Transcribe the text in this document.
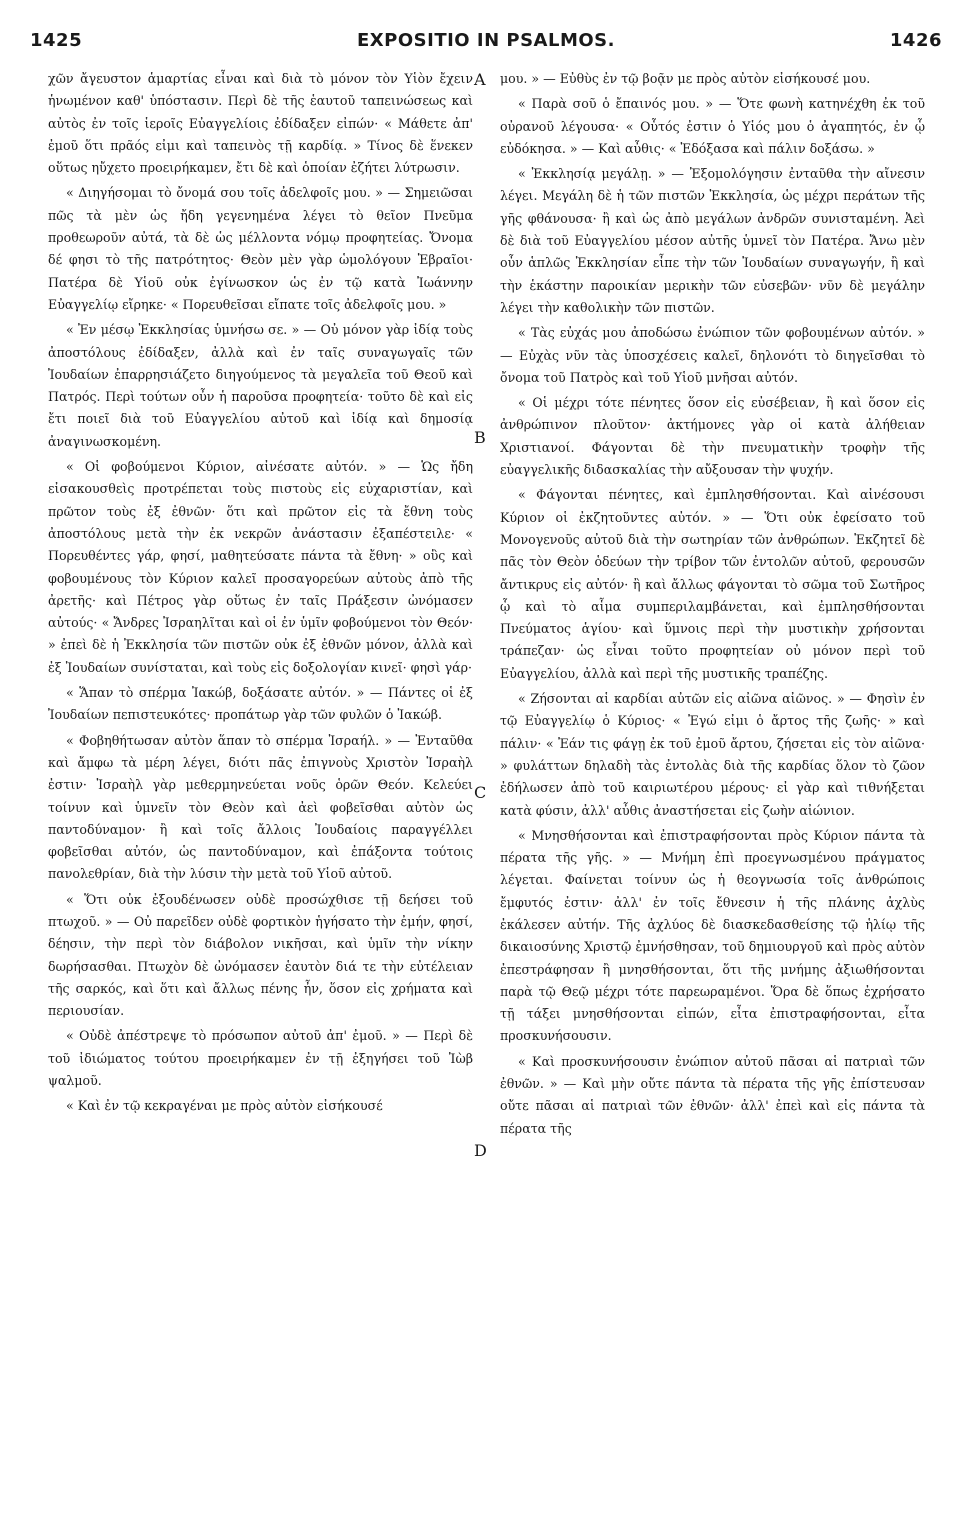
1425	EXPOSITIO IN PSALMOS.	1426
A
B
C
D

χῶν ἄγευστον ἁμαρτίας εἶναι καὶ διὰ τὸ μόνον τὸν Υἱὸν ἔχειν ἡνωμένον καθ' ὑπόστασιν. Περὶ δὲ τῆς ἑαυτοῦ ταπεινώσεως καὶ αὐτὸς ἐν τοῖς ἱεροῖς Εὐαγγελίοις ἐδίδαξεν εἰπών· « Μάθετε ἀπ' ἐμοῦ ὅτι πρᾶός εἰμι καὶ ταπεινὸς τῇ καρδίᾳ. » Τίνος δὲ ἕνεκεν οὕτως ηὔχετο προειρήκαμεν, ἔτι δὲ καὶ ὁποίαν ἐζήτει λύτρωσιν.

« Διηγήσομαι τὸ ὄνομά σου τοῖς ἀδελφοῖς μου. » — Σημειῶσαι πῶς τὰ μὲν ὡς ἤδη γεγενημένα λέγει τὸ θεῖον Πνεῦμα προθεωροῦν αὐτά, τὰ δὲ ὡς μέλλοντα νόμῳ προφητείας. Ὄνομα δέ φησι τὸ τῆς πατρότητος· Θεὸν μὲν γὰρ ὡμολόγουν Ἑβραῖοι· Πατέρα δὲ Υἱοῦ οὐκ ἐγίνωσκον ὡς ἐν τῷ κατὰ Ἰωάννην Εὐαγγελίῳ εἴρηκε· « Πορευθεῖσαι εἴπατε τοῖς ἀδελφοῖς μου. »

« Ἐν μέσῳ Ἐκκλησίας ὑμνήσω σε. » — Οὐ μόνον γὰρ ἰδίᾳ τοὺς ἀποστόλους ἐδίδαξεν, ἀλλὰ καὶ ἐν ταῖς συναγωγαῖς τῶν Ἰουδαίων ἐπαρρησιάζετο διηγούμενος τὰ μεγαλεῖα τοῦ Θεοῦ καὶ Πατρός. Περὶ τούτων οὖν ἡ παροῦσα προφητεία· τοῦτο δὲ καὶ εἰς ἔτι ποιεῖ διὰ τοῦ Εὐαγγελίου αὐτοῦ καὶ ἰδίᾳ καὶ δημοσίᾳ ἀναγινωσκομένη.

« Οἱ φοβούμενοι Κύριον, αἰνέσατε αὐτόν. » — Ὡς ἤδη εἰσακουσθεὶς προτρέπεται τοὺς πιστοὺς εἰς εὐχαριστίαν, καὶ πρῶτον τοὺς ἐξ ἐθνῶν· ὅτι καὶ πρῶτον εἰς τὰ ἔθνη τοὺς ἀποστόλους μετὰ τὴν ἐκ νεκρῶν ἀνάστασιν ἐξαπέστειλε· « Πορευθέντες γάρ, φησί, μαθητεύσατε πάντα τὰ ἔθνη· » οὓς καὶ φοβουμένους τὸν Κύριον καλεῖ προσαγορεύων αὐτοὺς ἀπὸ τῆς ἀρετῆς· καὶ Πέτρος γὰρ οὕτως ἐν ταῖς Πράξεσιν ὠνόμασεν αὐτούς· « Ἄνδρες Ἰσραηλῖται καὶ οἱ ἐν ὑμῖν φοβούμενοι τὸν Θεόν· » ἐπεὶ δὲ ἡ Ἐκκλησία τῶν πιστῶν οὐκ ἐξ ἐθνῶν μόνον, ἀλλὰ καὶ ἐξ Ἰουδαίων συνίσταται, καὶ τοὺς εἰς δοξολογίαν κινεῖ· φησὶ γάρ·

« Ἅπαν τὸ σπέρμα Ἰακώβ, δοξάσατε αὐτόν. » — Πάντες οἱ ἐξ Ἰουδαίων πεπιστευκότες· προπάτωρ γὰρ τῶν φυλῶν ὁ Ἰακώβ.

« Φοβηθήτωσαν αὐτὸν ἅπαν τὸ σπέρμα Ἰσραήλ. » — Ἐνταῦθα καὶ ἄμφω τὰ μέρη λέγει, διότι πᾶς ἐπιγνοὺς Χριστὸν Ἰσραὴλ ἐστιν· Ἰσραὴλ γὰρ μεθερμηνεύεται νοῦς ὁρῶν Θεόν. Κελεύει τοίνυν καὶ ὑμνεῖν τὸν Θεὸν καὶ ἀεὶ φοβεῖσθαι αὐτὸν ὡς παντοδύναμον· ἢ καὶ τοῖς ἄλλοις Ἰουδαίοις παραγγέλλει φοβεῖσθαι αὐτόν, ὡς παντοδύναμον, καὶ ἐπάξοντα τούτοις πανολεθρίαν, διὰ τὴν λύσιν τὴν μετὰ τοῦ Υἱοῦ αὐτοῦ.

« Ὅτι οὐκ ἐξουδένωσεν οὐδὲ προσώχθισε τῇ δεήσει τοῦ πτωχοῦ. » — Οὐ παρεῖδεν οὐδὲ φορτικὸν ἡγήσατο τὴν ἐμήν, φησί, δέησιν, τὴν περὶ τὸν διάβολον νικῆσαι, καὶ ὑμῖν τὴν νίκην δωρήσασθαι. Πτωχὸν δὲ ὠνόμασεν ἑαυτὸν διά τε τὴν εὐτέλειαν τῆς σαρκός, καὶ ὅτι καὶ ἄλλως πένης ἦν, ὅσον εἰς χρήματα καὶ περιουσίαν.

« Οὐδὲ ἀπέστρεψε τὸ πρόσωπον αὐτοῦ ἀπ' ἐμοῦ. » — Περὶ δὲ τοῦ ἰδιώματος τούτου προειρήκαμεν ἐν τῇ ἐξηγήσει τοῦ Ἰὼβ ψαλμοῦ.

« Καὶ ἐν τῷ κεκραγέναι με πρὸς αὐτὸν εἰσήκουσέ

μου. » — Εὐθὺς ἐν τῷ βοᾷν με πρὸς αὐτὸν εἰσήκουσέ μου.

« Παρὰ σοῦ ὁ ἔπαινός μου. » — Ὅτε φωνὴ κατηνέχθη ἐκ τοῦ οὐρανοῦ λέγουσα· « Οὗτός ἐστιν ὁ Υἱός μου ὁ ἀγαπητός, ἐν ᾧ εὐδόκησα. » — Καὶ αὖθις· « Ἐδόξασα καὶ πάλιν δοξάσω. »

« Ἐκκλησίᾳ μεγάλῃ. » — Ἐξομολόγησιν ἐνταῦθα τὴν αἴνεσιν λέγει. Μεγάλη δὲ ἡ τῶν πιστῶν Ἐκκλησία, ὡς μέχρι περάτων τῆς γῆς φθάνουσα· ἢ καὶ ὡς ἀπὸ μεγάλων ἀνδρῶν συνισταμένη. Ἀεὶ δὲ διὰ τοῦ Εὐαγγελίου μέσον αὐτῆς ὑμνεῖ τὸν Πατέρα. Ἄνω μὲν οὖν ἁπλῶς Ἐκκλησίαν εἶπε τὴν τῶν Ἰουδαίων συναγωγήν, ἢ καὶ τὴν ἑκάστην παροικίαν μερικὴν τῶν εὐσεβῶν· νῦν δὲ μεγάλην λέγει τὴν καθολικὴν τῶν πιστῶν.

« Τὰς εὐχάς μου ἀποδώσω ἐνώπιον τῶν φοβουμένων αὐτόν. » — Εὐχὰς νῦν τὰς ὑποσχέσεις καλεῖ, δηλονότι τὸ διηγεῖσθαι τὸ ὄνομα τοῦ Πατρὸς καὶ τοῦ Υἱοῦ μνῆσαι αὐτόν.

« Οἱ μέχρι τότε πένητες ὅσον εἰς εὐσέβειαν, ἢ καὶ ὅσον εἰς ἀνθρώπινον πλοῦτον· ἀκτήμονες γὰρ οἱ κατὰ ἀλήθειαν Χριστιανοί. Φάγονται δὲ τὴν πνευματικὴν τροφὴν τῆς εὐαγγελικῆς διδασκαλίας τὴν αὔξουσαν τὴν ψυχήν.

« Φάγονται πένητες, καὶ ἐμπλησθήσονται. Καὶ αἰνέσουσι Κύριον οἱ ἐκζητοῦντες αὐτόν. » — Ὅτι οὐκ ἐφείσατο τοῦ Μονογενοῦς αὐτοῦ διὰ τὴν σωτηρίαν τῶν ἀνθρώπων. Ἐκζητεῖ δὲ πᾶς τὸν Θεὸν ὁδεύων τὴν τρίβον τῶν ἐντολῶν αὐτοῦ, φερουσῶν ἄντικρυς εἰς αὐτόν· ἢ καὶ ἄλλως φάγονται τὸ σῶμα τοῦ Σωτῆρος ᾧ καὶ τὸ αἷμα συμπεριλαμβάνεται, καὶ ἐμπλησθήσονται Πνεύματος ἁγίου· καὶ ὕμνοις περὶ τὴν μυστικὴν χρήσονται τράπεζαν· ὡς εἶναι τοῦτο προφητείαν οὐ μόνον περὶ τοῦ Εὐαγγελίου, ἀλλὰ καὶ περὶ τῆς μυστικῆς τραπέζης.

« Ζήσονται αἱ καρδίαι αὐτῶν εἰς αἰῶνα αἰῶνος. » — Φησὶν ἐν τῷ Εὐαγγελίῳ ὁ Κύριος· « Ἐγώ εἰμι ὁ ἄρτος τῆς ζωῆς· » καὶ πάλιν· « Ἐάν τις φάγῃ ἐκ τοῦ ἐμοῦ ἄρτου, ζήσεται εἰς τὸν αἰῶνα· » φυλάττων δηλαδὴ τὰς ἐντολὰς διὰ τῆς καρδίας ὅλον τὸ ζῶον ἐδήλωσεν ἀπὸ τοῦ καιριωτέρου μέρους· εἰ γὰρ καὶ τιθνήξεται κατὰ φύσιν, ἀλλ' αὖθις ἀναστήσεται εἰς ζωὴν αἰώνιον.

« Μνησθήσονται καὶ ἐπιστραφήσονται πρὸς Κύριον πάντα τὰ πέρατα τῆς γῆς. » — Μνήμη ἐπὶ προεγνωσμένου πράγματος λέγεται. Φαίνεται τοίνυν ὡς ἡ θεογνωσία τοῖς ἀνθρώποις ἔμφυτός ἐστιν· ἀλλ' ἐν τοῖς ἔθνεσιν ἡ τῆς πλάνης ἀχλὺς ἐκάλεσεν αὐτήν. Τῆς ἀχλύος δὲ διασκεδασθείσης τῷ ἡλίῳ τῆς δικαιοσύνης Χριστῷ ἐμνήσθησαν, τοῦ δημιουργοῦ καὶ πρὸς αὐτὸν ἐπεστράφησαν ἢ μνησθήσονται, ὅτι τῆς μνήμης ἀξιωθήσονται παρὰ τῷ Θεῷ μέχρι τότε παρεωραμένοι. Ὅρα δὲ ὅπως ἐχρήσατο τῇ τάξει μνησθήσονται εἰπών, εἶτα ἐπιστραφήσονται, εἶτα προσκυνήσουσιν.

« Καὶ προσκυνήσουσιν ἐνώπιον αὐτοῦ πᾶσαι αἱ πατριαὶ τῶν ἐθνῶν. » — Καὶ μὴν οὔτε πάντα τὰ πέρατα τῆς γῆς ἐπίστευσαν οὔτε πᾶσαι αἱ πατριαὶ τῶν ἐθνῶν· ἀλλ' ἐπεὶ καὶ εἰς πάντα τὰ πέρατα τῆς
